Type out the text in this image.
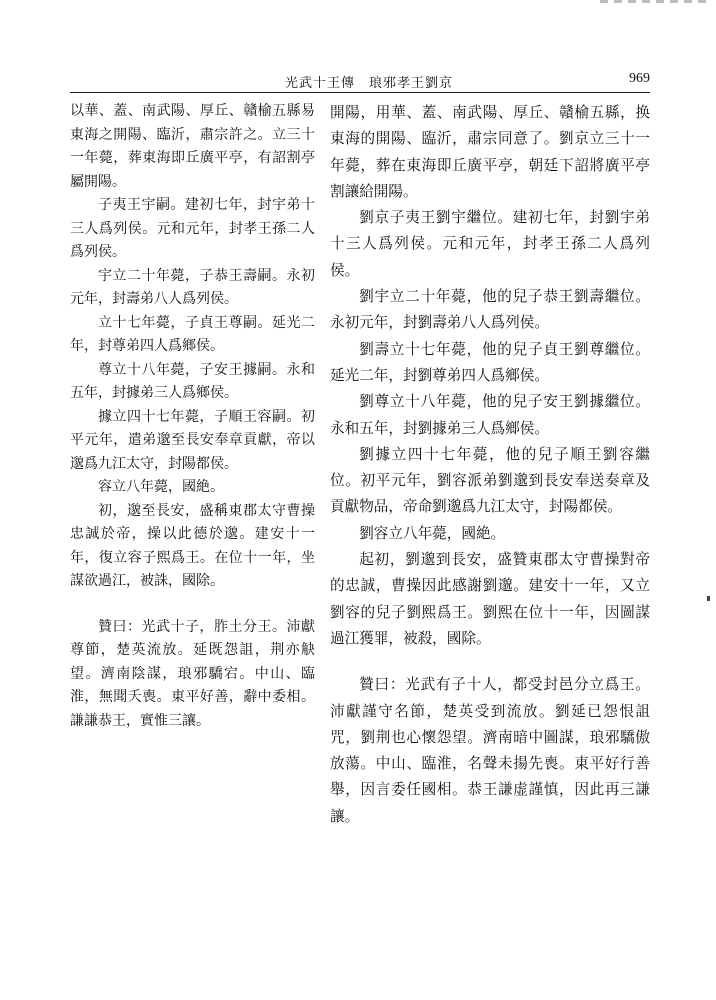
光武十王傳　琅邪孝王劉京	969

以華、蓋、南武陽、厚丘、贛榆五縣易東海之開陽、臨沂，肅宗許之。立三十一年薨，葬東海即丘廣平亭，有詔割亭屬開陽。

子夷王宇嗣。建初七年，封宇弟十三人爲列侯。元和元年，封孝王孫二人爲列侯。

宇立二十年薨，子恭王壽嗣。永初元年，封壽弟八人爲列侯。

立十七年薨，子貞王尊嗣。延光二年，封尊弟四人爲鄉侯。

尊立十八年薨，子安王據嗣。永和五年，封據弟三人爲鄉侯。

據立四十七年薨，子順王容嗣。初平元年，遣弟邈至長安奉章貢獻，帝以邈爲九江太守，封陽都侯。

容立八年薨，國絶。

初，邈至長安，盛稱東郡太守曹操忠誠於帝，操以此德於邈。建安十一年，復立容子熙爲王。在位十一年，坐謀欲過江，被誅，國除。

贊曰：光武十子，胙土分王。沛獻尊節，楚英流放。延既怨詛，荆亦觖望。濟南陰謀，琅邪驕宕。中山、臨淮，無聞夭喪。東平好善，辭中委相。謙謙恭王，實惟三讓。

開陽，用華、蓋、南武陽、厚丘、贛榆五縣，换東海的開陽、臨沂，肅宗同意了。劉京立三十一年薨，葬在東海即丘廣平亭，朝廷下詔將廣平亭割讓給開陽。

劉京子夷王劉宇繼位。建初七年，封劉宇弟十三人爲列侯。元和元年，封孝王孫二人爲列侯。

劉宇立二十年薨，他的兒子恭王劉壽繼位。永初元年，封劉壽弟八人爲列侯。

劉壽立十七年薨，他的兒子貞王劉尊繼位。延光二年，封劉尊弟四人爲鄉侯。

劉尊立十八年薨，他的兒子安王劉據繼位。永和五年，封劉據弟三人爲鄉侯。

劉據立四十七年薨，他的兒子順王劉容繼位。初平元年，劉容派弟劉邈到長安奉送奏章及貢獻物品，帝命劉邈爲九江太守，封陽都侯。

劉容立八年薨，國絶。

起初，劉邈到長安，盛贊東郡太守曹操對帝的忠誠，曹操因此感謝劉邈。建安十一年，又立劉容的兒子劉熙爲王。劉熙在位十一年，因圖謀過江獲罪，被殺，國除。

贊曰：光武有子十人，都受封邑分立爲王。沛獻謹守名節，楚英受到流放。劉延已怨恨詛咒，劉荆也心懷怨望。濟南暗中圖謀，琅邪驕傲放蕩。中山、臨淮，名聲未揚先喪。東平好行善舉，因言委任國相。恭王謙虚謹慎，因此再三謙讓。
